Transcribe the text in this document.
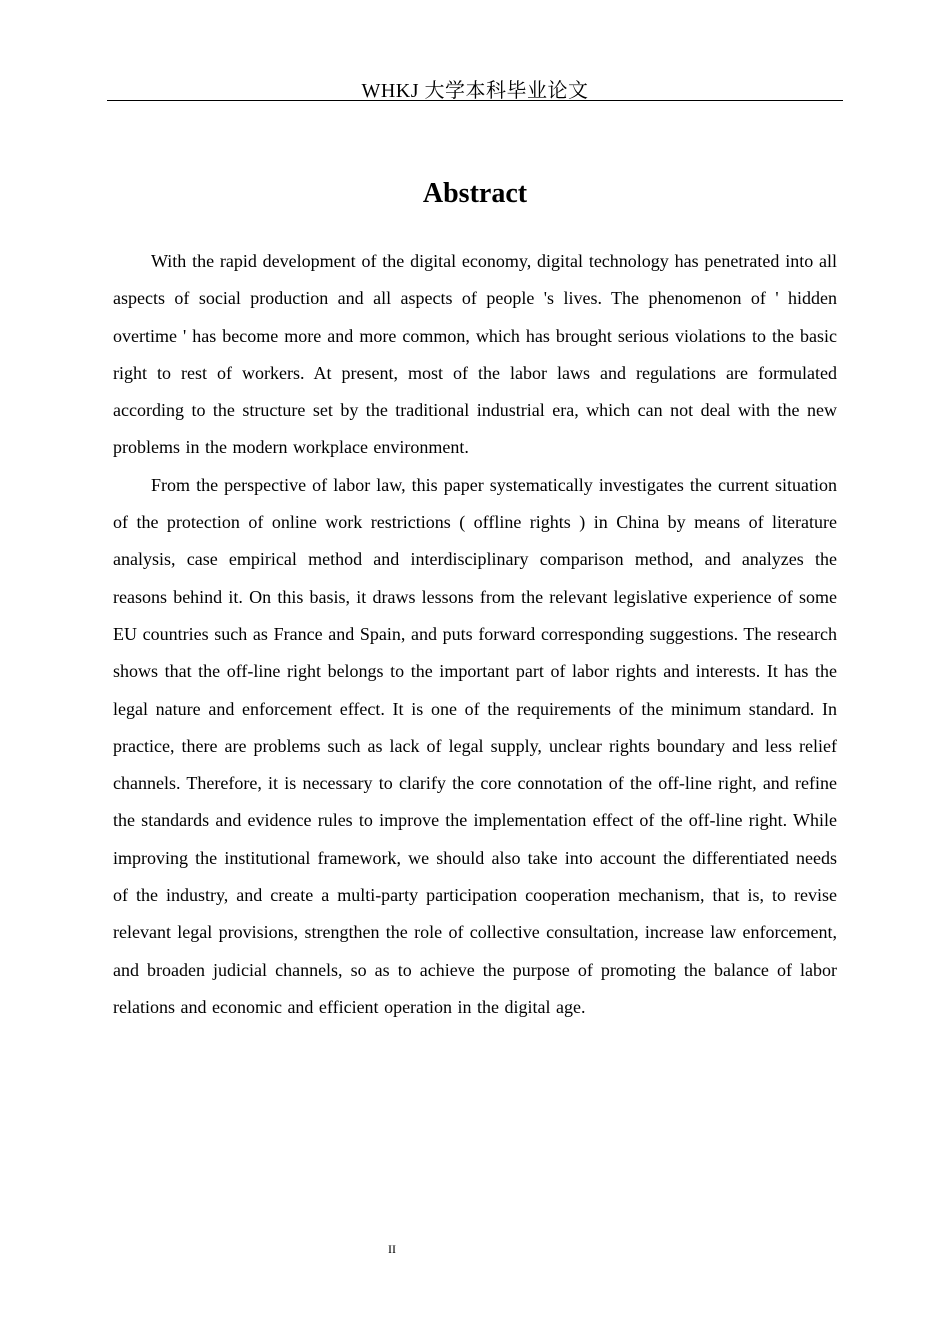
WHKJ 大学本科毕业论文
Abstract

With the rapid development of the digital economy, digital technology has penetrated into all aspects of social production and all aspects of people 's lives. The phenomenon of ' hidden overtime ' has become more and more common, which has brought serious violations to the basic right to rest of workers. At present, most of the labor laws and regulations are formulated according to the structure set by the traditional industrial era, which can not deal with the new problems in the modern workplace environment.

From the perspective of labor law, this paper systematically investigates the current situation of the protection of online work restrictions ( offline rights ) in China by means of literature analysis, case empirical method and interdisciplinary comparison method, and analyzes the reasons behind it. On this basis, it draws lessons from the relevant legislative experience of some EU countries such as France and Spain, and puts forward corresponding suggestions. The research shows that the off-line right belongs to the important part of labor rights and interests. It has the legal nature and enforcement effect. It is one of the requirements of the minimum standard. In practice, there are problems such as lack of legal supply, unclear rights boundary and less relief channels. Therefore, it is necessary to clarify the core connotation of the off-line right, and refine the standards and evidence rules to improve the implementation effect of the off-line right. While improving the institutional framework, we should also take into account the differentiated needs of the industry, and create a multi-party participation cooperation mechanism, that is, to revise relevant legal provisions, strengthen the role of collective consultation, increase law enforcement, and broaden judicial channels, so as to achieve the purpose of promoting the balance of labor relations and economic and efficient operation in the digital age.

II
